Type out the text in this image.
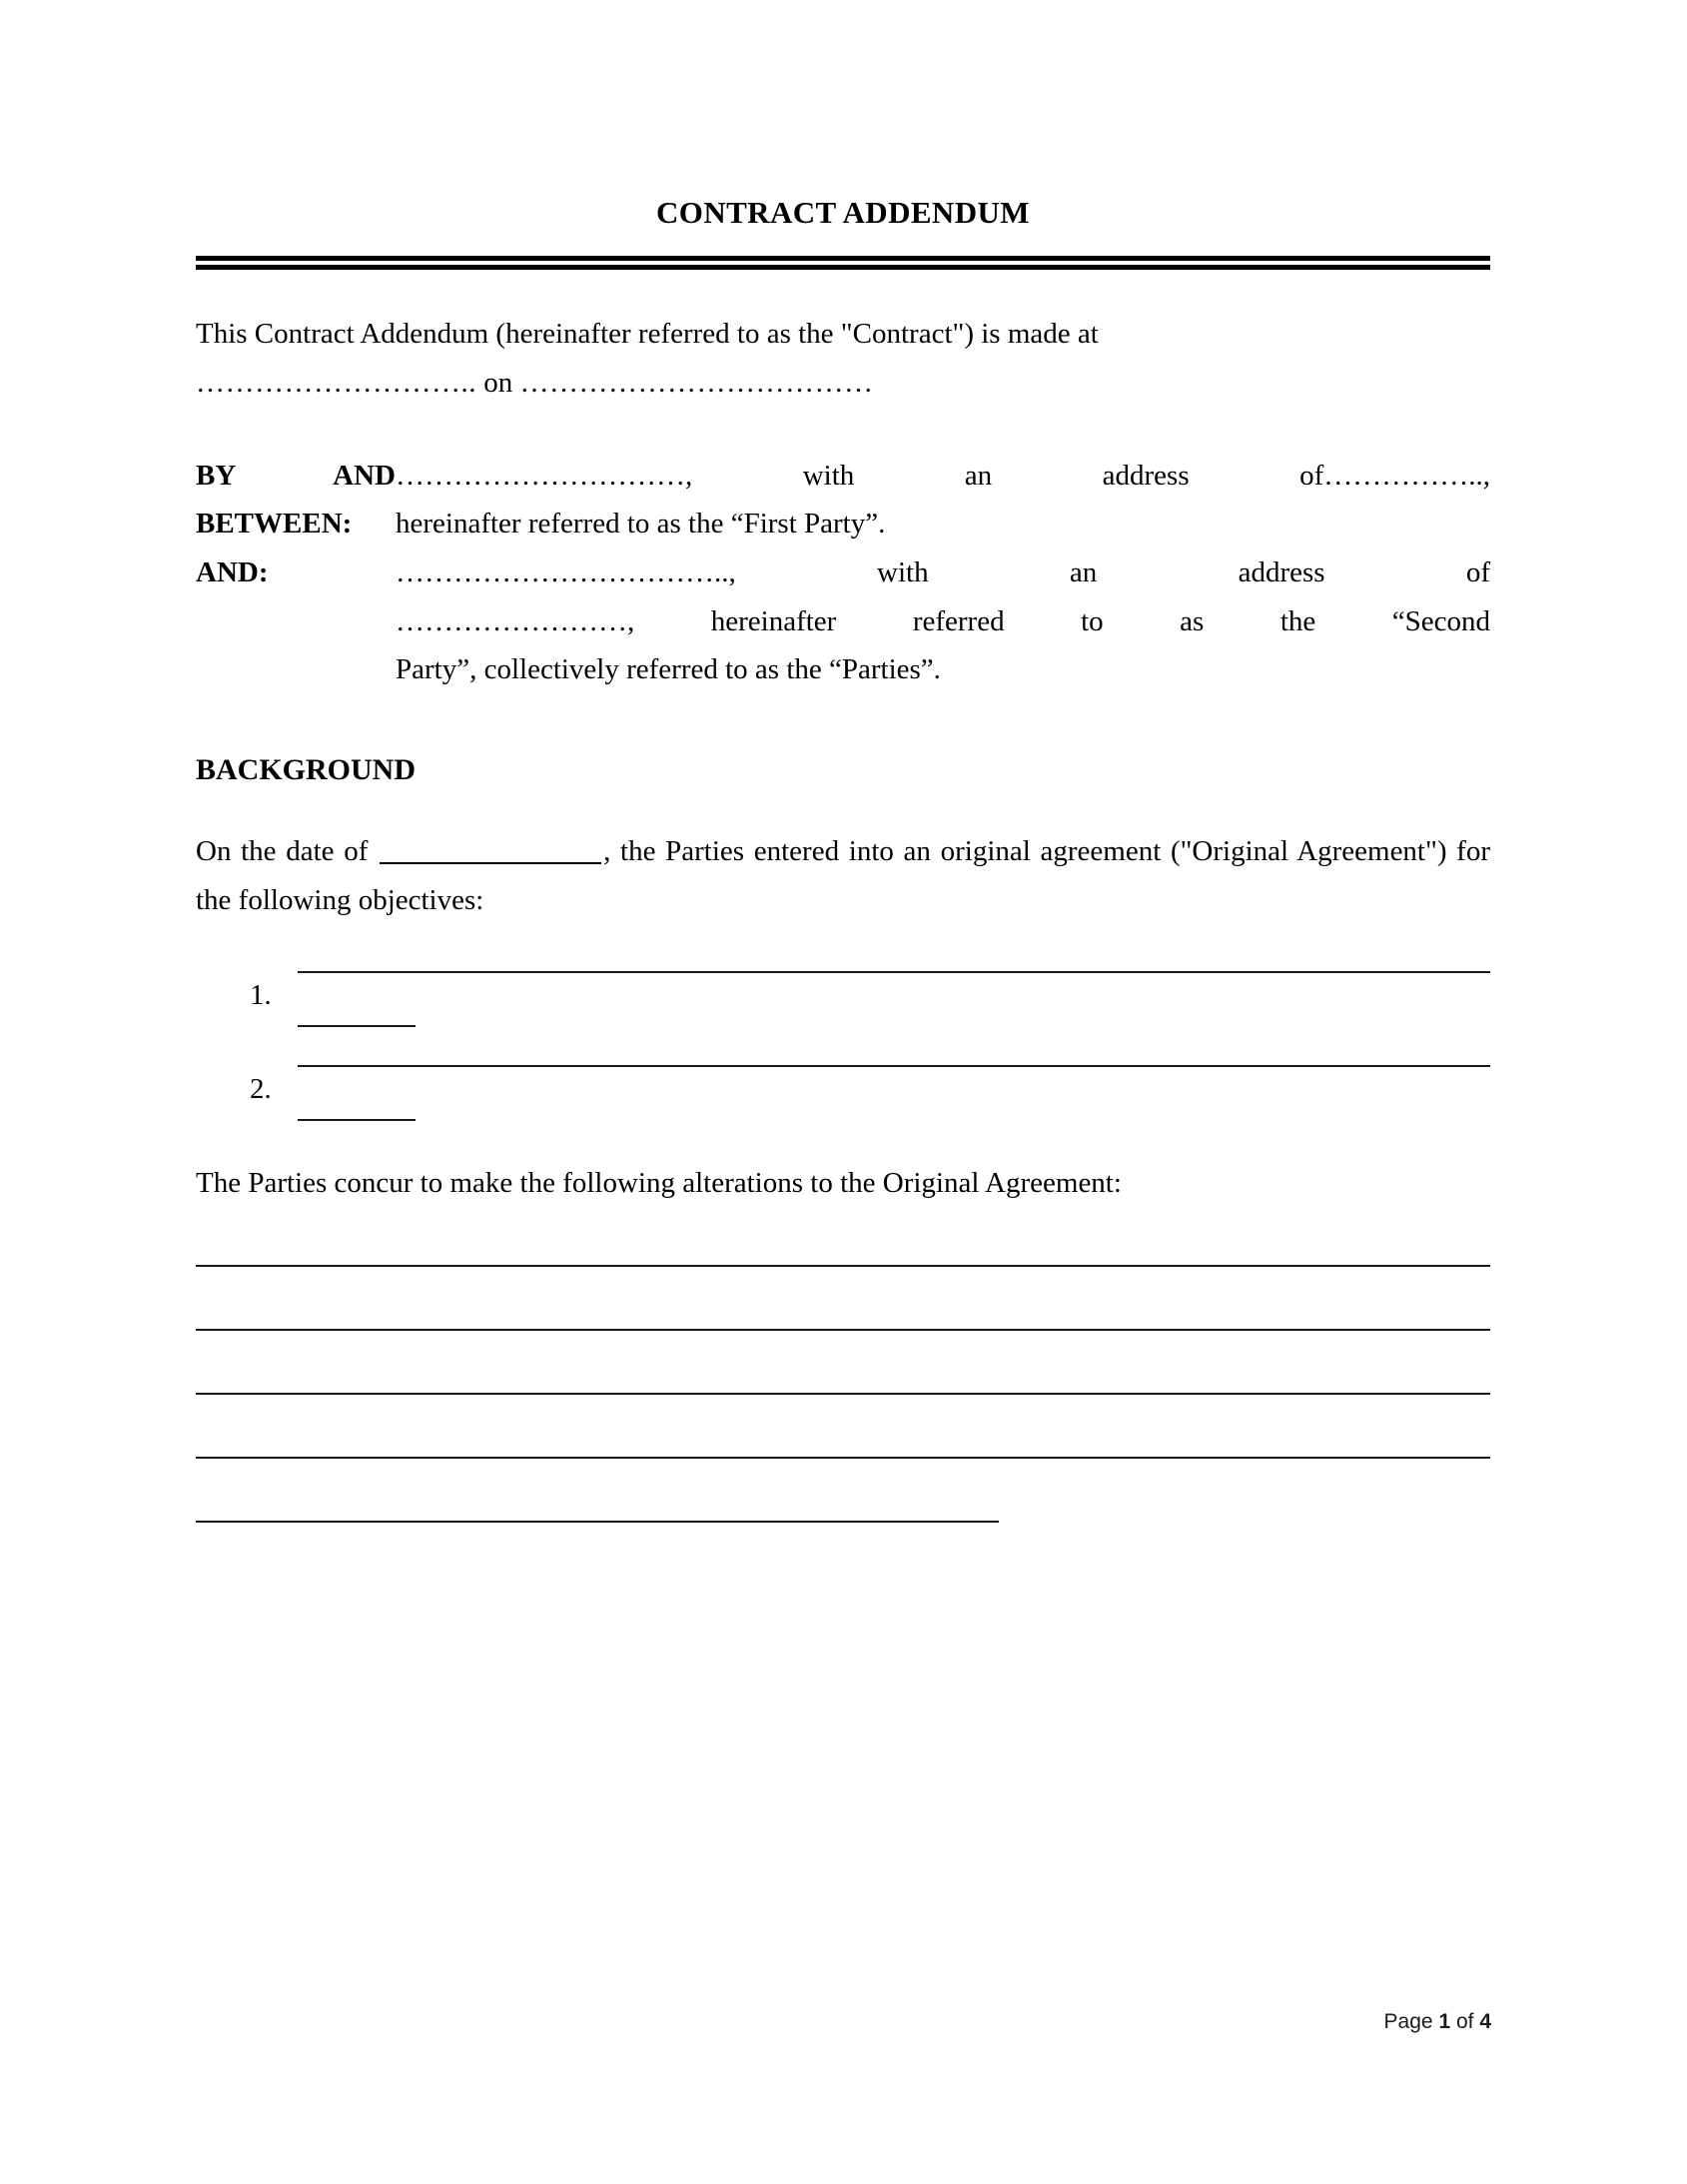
CONTRACT ADDENDUM
This Contract Addendum (hereinafter referred to as the "Contract") is made at
……………………….. on ………………………………
BY AND
BETWEEN:
…………………………, with an address of……………..,
hereinafter referred to as the “First Party”.
AND:	…………………………….., with an address of
……………………, hereinafter referred to as the “Second
Party”, collectively referred to as the “Parties”.
BACKGROUND
On the date of	, the Parties entered into an original agreement ("Original Agreement") for the following objectives:
1.
2.
The Parties concur to make the following alterations to the Original Agreement:
Page 1 of 4
